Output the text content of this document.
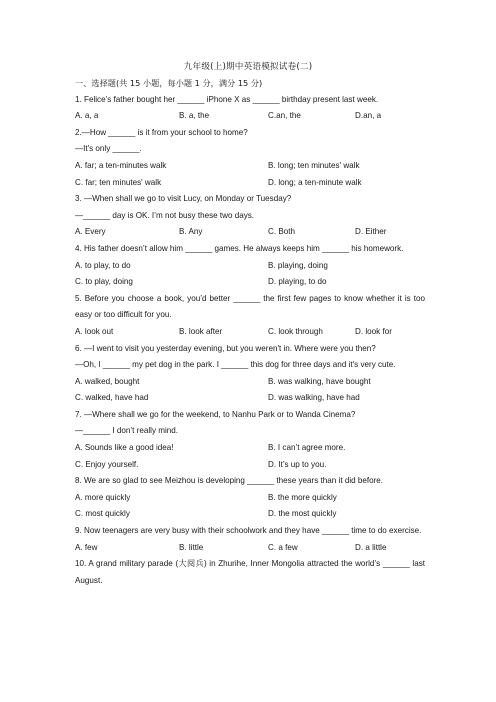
九年级(上)期中英语模拟试卷(二)
一、选择题(共 15 小题，每小题 1 分，满分 15 分)
1. Felice’s father bought her ______ iPhone X as ______ birthday present last week.
A. a, a	B. a, the	C.an, the	D.an, a
2.—How ______ is it from your school to home?
—It's only ______.
A. far; a ten-minutes walk	B. long; ten minutes' walk
C. far; ten minutes' walk	D. long; a ten-minute walk
3. —When shall we go to visit Lucy, on Monday or Tuesday?
—______ day is OK. I’m not busy these two days.
A. Every	B. Any	C. Both	D. Either
4. His father doesn’t allow him ______ games. He always keeps him ______ his homework.
A. to play, to do	B. playing, doing
C. to play, doing	D. playing, to do
5. Before you choose a book, you’d better ______ the first few pages to know whether it is too easy or too difficult for you.
A. look out	B. look after	C. look through	D. look for
6. —I went to visit you yesterday evening, but you weren't in. Where were you then?
—Oh, I ______ my pet dog in the park. I ______ this dog for three days and it's very cute.
A. walked, bought	B. was walking, have bought
C. walked, have had	D. was walking, have had
7. —Where shall we go for the weekend, to Nanhu Park or to Wanda Cinema?
—______ I don’t really mind.
A. Sounds like a good idea!	B. I can’t agree more.
C. Enjoy yourself.	D. It’s up to you.
8. We are so glad to see Meizhou is developing ______ these years than it did before.
A. more quickly	B. the more quickly
C. most quickly	D. the most quickly
9. Now teenagers are very busy with their schoolwork and they have ______ time to do exercise.
A. few	B. little	C. a few	D. a little
10. A grand military parade (大阅兵) in Zhurihe, Inner Mongolia attracted the world’s ______ last August.
